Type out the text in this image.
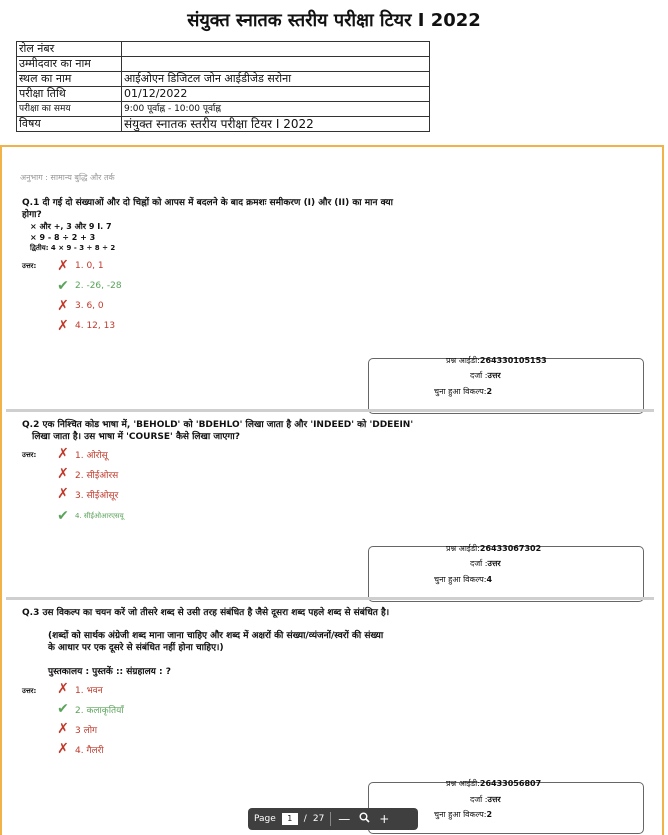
संयुक्त स्नातक स्तरीय परीक्षा टियर I 2022
रोल नंबर	
उम्मीदवार का नाम	
स्थल का नाम	आईओएन डिजिटल जोन आईडीजेड सरोना
परीक्षा तिथि	01/12/2022
परीक्षा का समय	9:00 पूर्वाह्न - 10:00 पूर्वाह्न
विषय	संयुक्त स्नातक स्तरीय परीक्षा टियर I 2022
अनुभाग : सामान्य बुद्धि और तर्क
Q.1 दी गई दो संख्याओं और दो चिह्नों को आपस में बदलने के बाद क्रमशः समीकरण (I) और (II) का मान क्या
होगा?
× और +, 3 और 9 I. 7
× 9 - 8 ÷ 2 + 3
द्वितीय: 4 × 9 - 3 ÷ 8 ÷ 2
उत्तर: ✗ 1. 0, 1
✔ 2. -26, -28
✗ 3. 6, 0
✗ 4. 12, 13
प्रश्न आईडी:264330105153
दर्जा :उत्तर
चुना हुआ विकल्प:2
Q.2 एक निश्चित कोड भाषा में, 'BEHOLD' को 'BDEHLO' लिखा जाता है और 'INDEED' को 'DDEEIN'
लिखा जाता है। उस भाषा में 'COURSE' कैसे लिखा जाएगा?
उत्तर: ✗ 1. ओरोसू
✗ 2. सीईओरस
✗ 3. सीईओसूर
✔ 4. सीईओआरएसयू
प्रश्न आईडी:26433067302
दर्जा :उत्तर
चुना हुआ विकल्प:4
Q.3 उस विकल्प का चयन करें जो तीसरे शब्द से उसी तरह संबंधित है जैसे दूसरा शब्द पहले शब्द से संबंधित है।
(शब्दों को सार्थक अंग्रेजी शब्द माना जाना चाहिए और शब्द में अक्षरों की संख्या/व्यंजनों/स्वरों की संख्या
के आधार पर एक दूसरे से संबंधित नहीं होना चाहिए।)
पुस्तकालय : पुस्तकें :: संग्रहालय : ?
उत्तर: ✗ 1. भवन
✔ 2. कलाकृतियाँ
✗ 3 लोग
✗ 4. गैलरी
प्रश्न आईडी:26433056807
दर्जा :उत्तर
चुना हुआ विकल्प:2
Page	1	/ 27 — +
